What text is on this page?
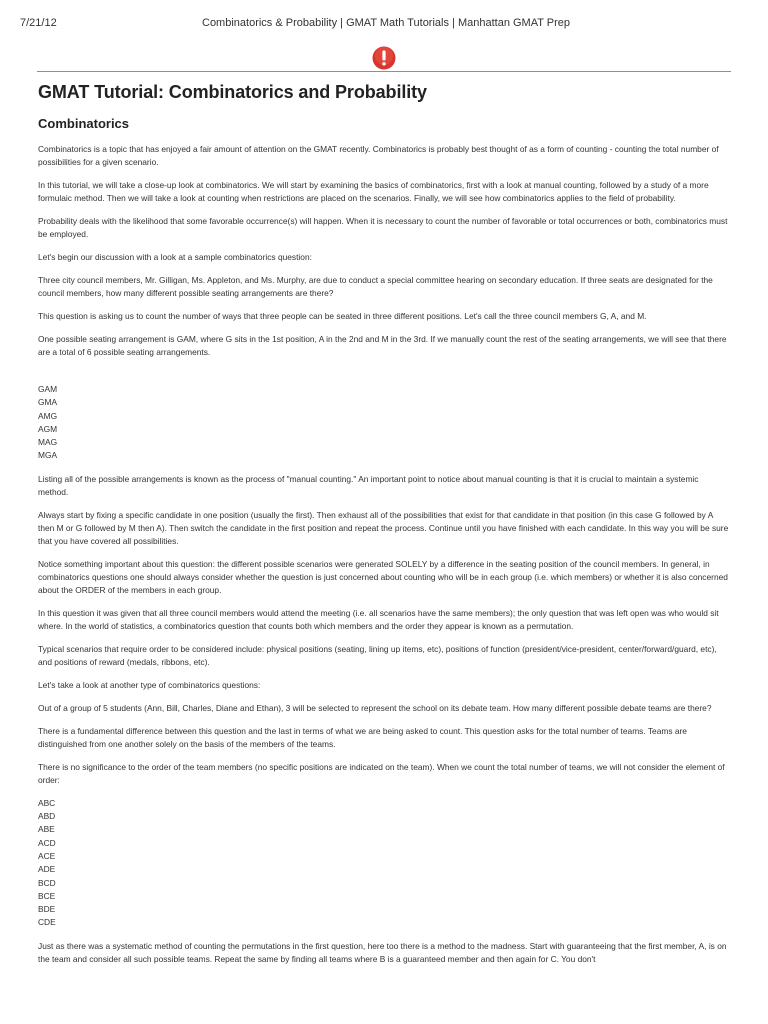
7/21/12	Combinatorics & Probability | GMAT Math Tutorials | Manhattan GMAT Prep
GMAT Tutorial: Combinatorics and Probability
Combinatorics

Combinatorics is a topic that has enjoyed a fair amount of attention on the GMAT recently. Combinatorics is probably best thought of as a form of counting - counting the total number of possibilities for a given scenario.

In this tutorial, we will take a close-up look at combinatorics. We will start by examining the basics of combinatorics, first with a look at manual counting, followed by a study of a more formulaic method. Then we will take a look at counting when restrictions are placed on the scenarios. Finally, we will see how combinatorics applies to the field of probability.

Probability deals with the likelihood that some favorable occurrence(s) will happen. When it is necessary to count the number of favorable or total occurrences or both, combinatorics must be employed.

Let's begin our discussion with a look at a sample combinatorics question:

Three city council members, Mr. Gilligan, Ms. Appleton, and Ms. Murphy, are due to conduct a special committee hearing on secondary education. If three seats are designated for the council members, how many different possible seating arrangements are there?

This question is asking us to count the number of ways that three people can be seated in three different positions. Let's call the three council members G, A, and M.

One possible seating arrangement is GAM, where G sits in the 1st position, A in the 2nd and M in the 3rd. If we manually count the rest of the seating arrangements, we will see that there are a total of 6 possible seating arrangements.

GAM
GMA
AMG
AGM
MAG
MGA

Listing all of the possible arrangements is known as the process of "manual counting." An important point to notice about manual counting is that it is crucial to maintain a systemic method.

Always start by fixing a specific candidate in one position (usually the first). Then exhaust all of the possibilities that exist for that candidate in that position (in this case G followed by A then M or G followed by M then A). Then switch the candidate in the first position and repeat the process. Continue until you have finished with each candidate. In this way you will be sure that you have covered all possibilities.

Notice something important about this question: the different possible scenarios were generated SOLELY by a difference in the seating position of the council members. In general, in combinatorics questions one should always consider whether the question is just concerned about counting who will be in each group (i.e. which members) or whether it is also concerned about the ORDER of the members in each group.

In this question it was given that all three council members would attend the meeting (i.e. all scenarios have the same members); the only question that was left open was who would sit where. In the world of statistics, a combinatorics question that counts both which members and the order they appear is known as a permutation.

Typical scenarios that require order to be considered include: physical positions (seating, lining up items, etc), positions of function (president/vice-president, center/forward/guard, etc), and positions of reward (medals, ribbons, etc).

Let's take a look at another type of combinatorics questions:

Out of a group of 5 students (Ann, Bill, Charles, Diane and Ethan), 3 will be selected to represent the school on its debate team. How many different possible debate teams are there?

There is a fundamental difference between this question and the last in terms of what we are being asked to count. This question asks for the total number of teams. Teams are distinguished from one another solely on the basis of the members of the teams.

There is no significance to the order of the team members (no specific positions are indicated on the team). When we count the total number of teams, we will not consider the element of order:

ABC
ABD
ABE
ACD
ACE
ADE
BCD
BCE
BDE
CDE

Just as there was a systematic method of counting the permutations in the first question, here too there is a method to the madness. Start with guaranteeing that the first member, A, is on the team and consider all such possible teams. Repeat the same by finding all teams where B is a guaranteed member and then again for C. You don't
